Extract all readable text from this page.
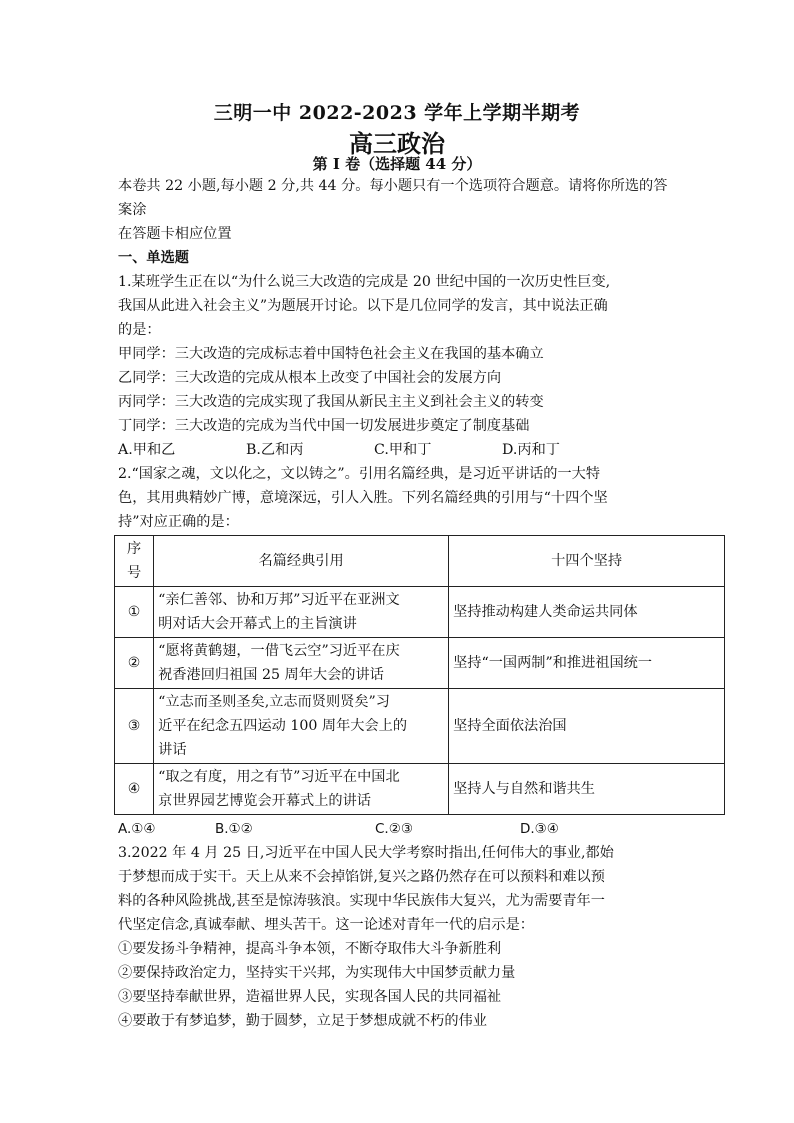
三明一中 2022-2023 学年上学期半期考
高三政治
第 I 卷（选择题 44 分）

本卷共 22 小题,每小题 2 分,共 44 分。每小题只有一个选项符合题意。请将你所选的答案涂

在答题卡相应位置

一、单选题

1.某班学生正在以“为什么说三大改造的完成是 20 世纪中国的一次历史性巨变,

我国从此进入社会主义”为题展开讨论。以下是几位同学的发言，其中说法正确

的是：

甲同学：三大改造的完成标志着中国特色社会主义在我国的基本确立

乙同学：三大改造的完成从根本上改变了中国社会的发展方向

丙同学：三大改造的完成实现了我国从新民主主义到社会主义的转变

丁同学：三大改造的完成为当代中国一切发展进步奠定了制度基础

A.甲和乙	B.乙和丙	C.甲和丁	D.丙和丁

2.“国家之魂，文以化之，文以铸之”。引用名篇经典，是习近平讲话的一大特

色，其用典精妙广博，意境深远，引人入胜。下列名篇经典的引用与“十四个坚

持”对应正确的是：

序
号	名篇经典引用	十四个坚持
①	“亲仁善邻、协和万邦”习近平在亚洲文
明对话大会开幕式上的主旨演讲	坚持推动构建人类命运共同体
②	“愿将黄鹤翅，一借飞云空”习近平在庆
祝香港回归祖国 25 周年大会的讲话	坚持“一国两制”和推进祖国统一
③	“立志而圣则圣矣,立志而贤则贤矣”习
近平在纪念五四运动 100 周年大会上的
讲话	坚持全面依法治国
④	“取之有度，用之有节”习近平在中国北
京世界园艺博览会开幕式上的讲话	坚持人与自然和谐共生
A.①④	B.①②	C.②③	D.③④

3.2022 年 4 月 25 日,习近平在中国人民大学考察时指出,任何伟大的事业,都始

于梦想而成于实干。天上从来不会掉馅饼,复兴之路仍然存在可以预料和难以预

料的各种风险挑战,甚至是惊涛骇浪。实现中华民族伟大复兴，尤为需要青年一

代坚定信念,真诚奉献、埋头苦干。这一论述对青年一代的启示是：

①要发扬斗争精神，提高斗争本领，不断夺取伟大斗争新胜利

②要保持政治定力，坚持实干兴邦，为实现伟大中国梦贡献力量

③要坚持奉献世界，造福世界人民，实现各国人民的共同福祉

④要敢于有梦追梦，勤于圆梦，立足于梦想成就不朽的伟业
